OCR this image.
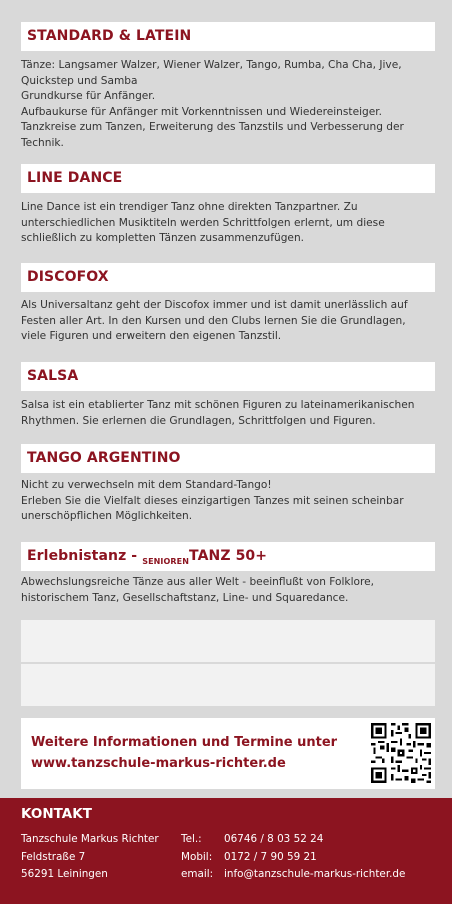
STANDARD & LATEIN
Tänze: Langsamer Walzer, Wiener Walzer, Tango, Rumba, Cha Cha, Jive,
Quickstep und Samba
Grundkurse für Anfänger.
Aufbaukurse für Anfänger mit Vorkenntnissen und Wiedereinsteiger.
Tanzkreise zum Tanzen, Erweiterung des Tanzstils und Verbesserung der
Technik.
LINE DANCE
Line Dance ist ein trendiger Tanz ohne direkten Tanzpartner. Zu
unterschiedlichen Musiktiteln werden Schrittfolgen erlernt, um diese
schließlich zu kompletten Tänzen zusammenzufügen.
DISCOFOX
Als Universaltanz geht der Discofox immer und ist damit unerlässlich auf
Festen aller Art. In den Kursen und den Clubs lernen Sie die Grundlagen,
viele Figuren und erweitern den eigenen Tanzstil.
SALSA
Salsa ist ein etablierter Tanz mit schönen Figuren zu lateinamerikanischen
Rhythmen. Sie erlernen die Grundlagen, Schrittfolgen und Figuren.
TANGO ARGENTINO
Nicht zu verwechseln mit dem Standard-Tango!
Erleben Sie die Vielfalt dieses einzigartigen Tanzes mit seinen scheinbar
unerschöpflichen Möglichkeiten.
Erlebnistanz - $_{SENIOREN}$TANZ 50+
Abwechslungsreiche Tänze aus aller Welt - beeinflußt von Folklore,
historischem Tanz, Gesellschaftstanz, Line- und Squaredance.
Weitere Informationen und Termine unter
www.tanzschule-markus-richter.de
KONTAKT
Tanzschule Markus Richter
Feldstraße 7
56291 Leiningen
Tel.:
Mobil:
email:
06746 / 8 03 52 24
0172 / 7 90 59 21
info@tanzschule-markus-richter.de
